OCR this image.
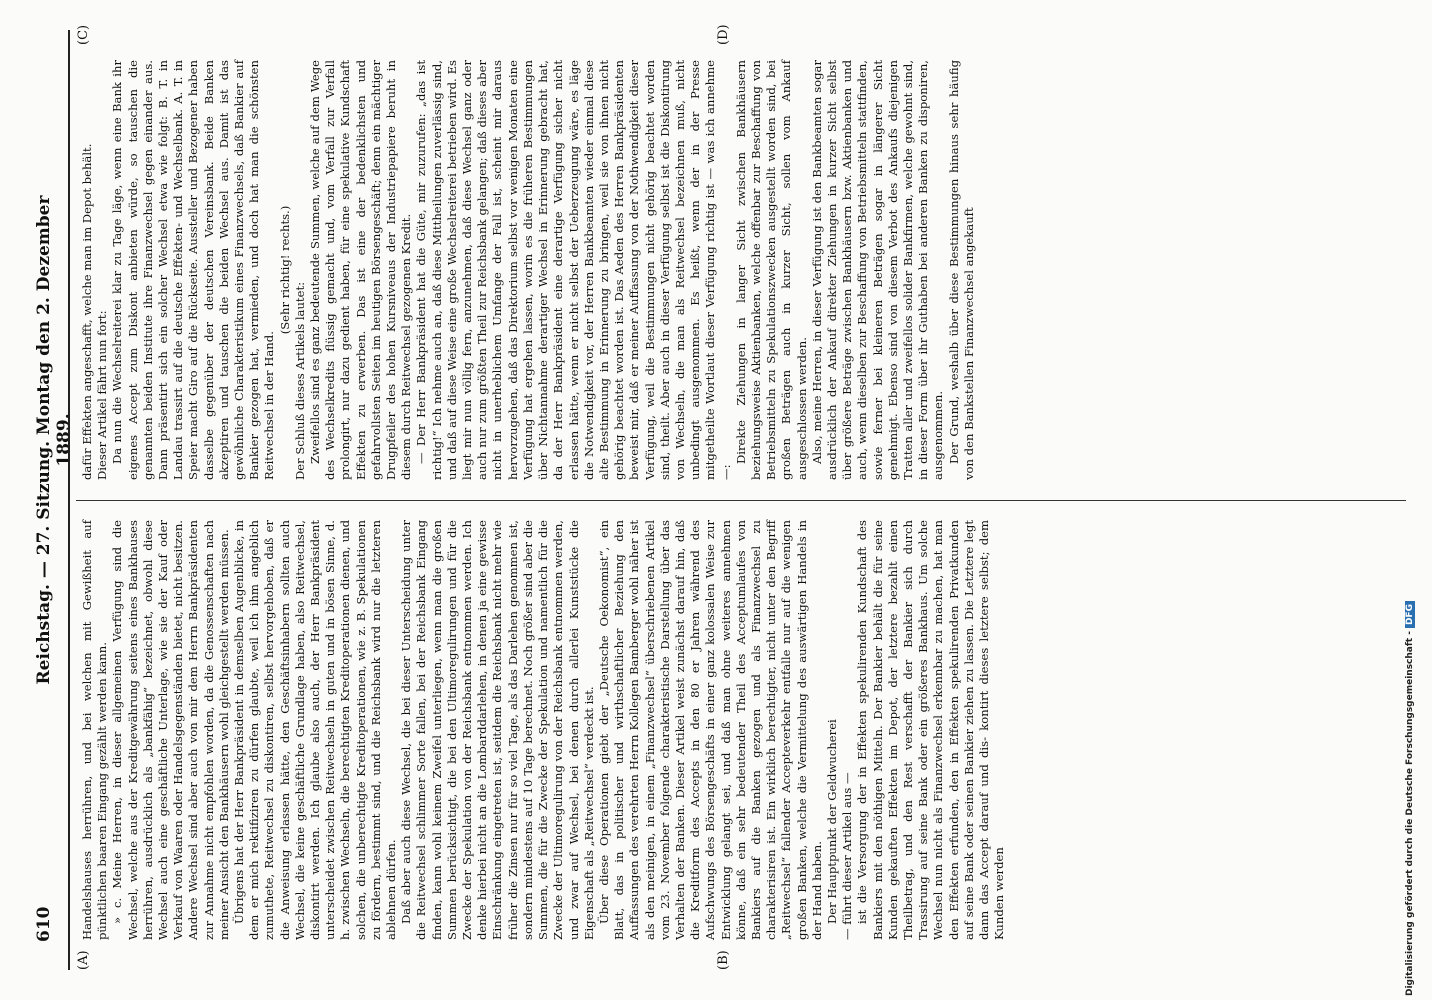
610
Reichstag. — 27. Sitzung. Montag den 2. Dezember 1889.
(A)	(B)
(C)	(D)

Handelshauses herrühren, und bei welchen mit Gewißheit auf pünktlichen baaren Eingang gezählt werden kann. » c. Meine Herren, in dieser allgemeinen Verfügung sind die Wechsel, welche aus der Kreditgewährung seitens eines Bankhauses herrühren, ausdrücklich als „bankfähig“ bezeichnet, obwohl diese Wechsel auch eine geschäftliche Unterlage, wie sie der Kauf oder Verkauf von Waaren oder Handelsgegenständen bietet, nicht besitzen. Andere Wechsel sind aber auch von mir dem Herrn Bankpräsidenten zur Annahme nicht empfohlen worden, da die Genossenschaften nach meiner Ansicht den Bankhäusern wohl gleichgestellt werden müssen. Übrigens hat der Herr Bankpräsident in demselben Augenblicke, in dem er mich rektifiziren zu dürfen glaubte, weil ich ihm angeblich zumuthete, Reitwechsel zu diskontiren, selbst hervorgehoben, daß er die Anweisung erlassen hätte, den Geschäftsinhabern sollten auch Wechsel, die keine geschäftliche Grundlage haben, also Reitwechsel, diskontirt werden. Ich glaube also auch, der Herr Bankpräsident unterscheidet zwischen Reitwechseln in guten und in bösen Sinne, d. h. zwischen Wechseln, die berechtigten Kreditoperationen dienen, und solchen, die unberechtigte Kreditoperationen, wie z. B. Spekulationen zu fördern, bestimmt sind, und die Reichsbank wird nur die letzteren ablehnen dürfen. Daß aber auch diese Wechsel, die bei dieser Unterscheidung unter die Reitwechsel schlimmer Sorte fallen, bei der Reichsbank Eingang finden, kann wohl keinem Zweifel unterliegen, wenn man die großen Summen berücksichtigt, die bei den Ultimoregulirungen und für die Zwecke der Spekulation von der Reichsbank entnommen werden. Ich denke hierbei nicht an die Lombarddarlehen, in denen ja eine gewisse Einschränkung eingetreten ist, seitdem die Reichsbank nicht mehr wie früher die Zinsen nur für so viel Tage, als das Darlehen genommen ist, sondern mindestens auf 10 Tage berechnet. Noch größer sind aber die Summen, die für die Zwecke der Spekulation und namentlich für die Zwecke der Ultimoregulirung von der Reichsbank entnommen werden, und zwar auf Wechsel, bei denen durch allerlei Kunststücke die Eigenschaft als „Reitwechsel“ verdeckt ist. Über diese Operationen giebt der „Deutsche Oekonomist“, ein Blatt, das in politischer und wirthschaftlicher Beziehung den Auffassungen des verehrten Herrn Kollegen Bamberger wohl näher ist als den meinigen, in einem „Finanzwechsel“ überschriebenen Artikel vom 23. November folgende charakteristische Darstellung über das Verhalten der Banken. Dieser Artikel weist zunächst darauf hin, daß die Kreditform des Accepts in den 80 er Jahren während des Aufschwungs des Börsengeschäfts in einer ganz kolossalen Weise zur Entwicklung gelangt sei, und daß man ohne weiteres annehmen könne, daß ein sehr bedeutender Theil des Acceptumlaufes von Bankiers auf die Banken gezogen und als Finanzwechsel zu charakterisiren ist. Ein wirklich berechtigter, nicht unter den Begriff „Reitwechsel“ fallender Accepteverkehr entfalle nur auf die wenigen großen Banken, welche die Vermittelung des auswärtigen Handels in der Hand haben. Der Hauptpunkt der Geldwucherei — führt dieser Artikel aus — ist die Versorgung der in Effekten spekulirenden Kundschaft des Bankiers mit den nöthigen Mitteln. Der Bankier behält die für seine Kunden gekauften Effekten im Depot, der letztere bezahlt einen Theilbetrag, und den Rest verschafft der Bankier sich durch Trassirung auf seine Bank oder ein größeres Bankhaus. Um solche Wechsel nun nicht als Finanzwechsel erkennbar zu machen, hat man den Effekten erfunden, den in Effekten spekulirenden Privatkunden auf seine Bank oder seinen Bankier ziehen zu lassen. Die Letztere legt dann das Accept darauf und dis- kontirt dieses letztere selbst; dem Kunden werden

dafür Effekten angeschafft, welche man im Depot behält. Dieser Artikel fährt nun fort: Da nun die Wechselreiterei klar zu Tage läge, wenn eine Bank ihr eigenes Accept zum Diskont anbieten würde, so tauschen die genannten beiden Institute ihre Finanzwechsel gegen einander aus. Dann präsentirt sich ein solcher Wechsel etwa wie folgt: B. T. in Landau trassirt auf die deutsche Effekten- und Wechselbank. A. T. in Speier macht Giro auf die Rückseite. Aussteller und Bezogener haben dasselbe gegenüber der deutschen Vereinsbank. Beide Banken akzeptiren und tauschen die beiden Wechsel aus. Damit ist das gewöhnliche Charakteristikum eines Finanzwechsels, daß Bankier auf Bankier gezogen hat, vermieden, und doch hat man die schönsten Reitwechsel in der Hand.

(Sehr richtig! rechts.)

Der Schluß dieses Artikels lautet: Zweifellos sind es ganz bedeutende Summen, welche auf dem Wege des Wechselkredits flüssig gemacht und, vom Verfall zur Verfall prolongirt, nur dazu gedient haben, für eine spekulative Kundschaft Effekten zu erwerben. Das ist eine der bedenklichsten und gefahrvollsten Seiten im heutigen Börsengeschäft; denn ein mächtiger Drugpfeiler des hohen Kursniveaus der Industriepapiere beruht in diesem durch Reitwechsel gezogenen Kredit. — Der Herr Bankpräsident hat die Güte, mir zuzurufen: „das ist richtig!“ Ich nehme auch an, daß diese Mittheilungen zuverlässig sind, und daß auf diese Weise eine große Wechselreiterei betrieben wird. Es liegt mir nun völlig fern, anzunehmen, daß diese Wechsel ganz oder auch nur zum größten Theil zur Reichsbank gelangen; daß dieses aber nicht in unerheblichem Umfange der Fall ist, scheint mir daraus hervorzugehen, daß das Direktorium selbst vor wenigen Monaten eine Verfügung hat ergehen lassen, worin es die früheren Bestimmungen über Nichtannahme derartiger Wechsel in Erinnerung gebracht hat, da der Herr Bankpräsident eine derartige Verfügung sicher nicht erlassen hätte, wenn er nicht selbst der Ueberzeugung wäre, es läge die Notwendigkeit vor, der Herren Bankbeamten wieder einmal diese alte Bestimmung in Erinnerung zu bringen, weil sie von ihnen nicht gehörig beachtet worden ist. Das Aeden des Herren Bankpräsidenten beweist mir, daß er meiner Auffassung von der Nothwendigkeit dieser Verfügung, weil die Bestimmungen nicht gehörig beachtet worden sind, theilt. Aber auch in dieser Verfügung selbst ist die Diskontirung von Wechseln, die man als Reitwechsel bezeichnen muß, nicht unbedingt ausgenommen. Es heißt, wenn der in der Presse mitgetheilte Wortlaut dieser Verfügung richtig ist — was ich annehme —:

Direkte Ziehungen in langer Sicht zwischen Bankhäusern beziehungsweise Aktienbanken, welche offenbar zur Beschaffung von Betriebsmitteln zu Spekulationszwecken ausgestellt worden sind, bei großen Beträgen auch in kurzer Sicht, sollen vom Ankauf ausgeschlossen werden. Also, meine Herren, in dieser Verfügung ist den Bankbeamten sogar ausdrücklich der Ankauf direkter Ziehungen in kurzer Sicht selbst über größere Beträge zwischen Bankhäusern bzw. Aktienbanken und auch, wenn dieselben zur Beschaffung von Betriebsmitteln stattfinden, sowie ferner bei kleineren Beträgen sogar in längerer Sicht genehmigt. Ebenso sind von diesem Verbot des Ankaufs diejenigen Tratten aller und zweifellos solider Bankfirmen, welche gewohnt sind, in dieser Form über ihr Guthaben bei anderen Banken zu disponiren, ausgenommen. Der Grund, weshalb über diese Bestimmungen hinaus sehr häufig von den Bankstellen Finanzwechsel angekauft

Digitalisierung gefördert durch die Deutsche Forschungsgemeinschaft -DFG
